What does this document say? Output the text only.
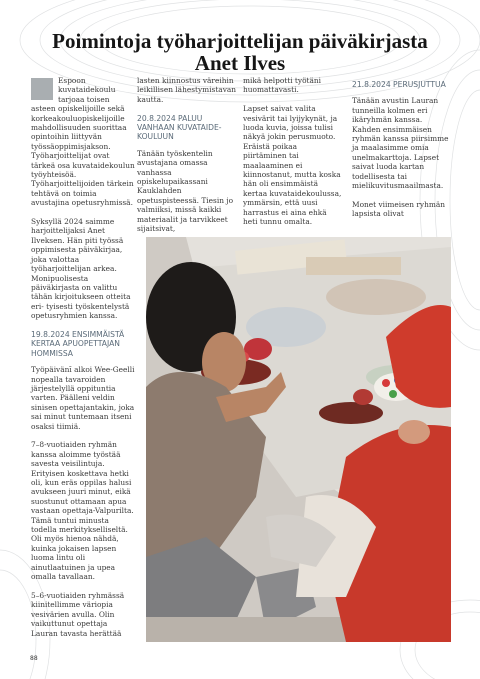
Poimintoja työharjoittelijan päiväkirjasta
Anet Ilves

Espoon kuvataidekoulu tarjoaa toisen asteen opiskelijoille sekä korkeakouluopiskelijoille mahdollisuuden suorittaa opintoihin liittyvän työssäoppimisjakson. Työharjoittelijat ovat tärkeä osa kuvataidekoulun työyhteisöä. Työharjoittelijoiden tärkein tehtävä on toimia avustajina opetusryhmissä.

Syksyllä 2024 saimme harjoittelijaksi Anet Ilveksen. Hän piti työssä oppimisesta päiväkirjaa, joka valottaa työharjoittelijan arkea. Monipuolisesta päiväkirjasta on valittu tähän kirjoitukseen otteita eri- tyisesti työskentelystä opetusryhmien kanssa.

19.8.2024 ENSIMMÄISTÄ KERTAA APUOPETTAJAN HOMMISSA

Työpäivänī alkoi Wee-Geelli nopealla tavaroiden järjestelyllä oppituntia varten. Päälleni veldin sinisen opettajantakin, joka sai minut tuntemaan itseni osaksi tiimiä.

7–8-vuotiaiden ryhmän kanssa aloimme työstää savesta veisilintuja. Erityisen koskettava hetki oli, kun eräs oppilas halusi avukseen juuri minut, eikä suostunut ottamaan apua vastaan opettaja-Valpurilta. Tämä tuntui minusta todella merkitykselliseltä. Oli myös hienoa nähdä, kuinka jokaisen lapsen luoma lintu oli ainutlaatuinen ja upea omalla tavallaan.

5–6-vuotiaiden ryhmässä kiinitellimme väriopia vesivärien avulla. Olin vaikuttunut opettaja Lauran tavasta herättää

lasten kiinnostus väreihin leikillisen lähestymistavan kautta.

20.8.2024 PALUU VANHAAN KUVATAIDE-KOULUUN

Tänään työskentelin avustajana omassa vanhassa opiskelupaikassani Kauklahden opetuspisteessä. Tiesin jo valmiiksi, missä kaikki materiaalit ja tarvikkeet sijaitsivat,

mikä helpotti työtäni huomattavasti.

Lapset saivat valita vesivärit tai lyijykynät, ja luoda kuvia, joissa tulisi näkyä jokin perusmuoto. Eräistä poikaa piirtäminen tai maalaaminen ei kiinnostanut, mutta koska hän oli ensimmäistä kertaa kuvataidekoulussa, ymmärsin, että uusi harrastus ei aina ehkä heti tunnu omalta.

21.8.2024 PERUSJUTTUA

Tänään avustin Lauran tunneilla kolmen eri ikäryhmän kanssa. Kahden ensimmäisen ryhmän kanssa piirsimme ja maalasimme omia unelmakarttoja. Lapset saivat luoda kartan todellisesta tai mielikuvitusmaailmasta.

Monet viimeisen ryhmän lapsista olivat

88
